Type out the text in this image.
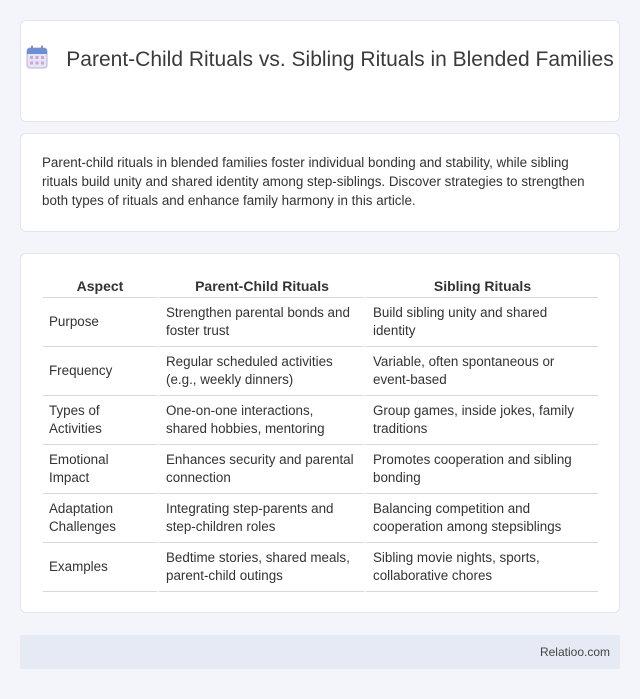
Parent-Child Rituals vs. Sibling Rituals in Blended Families

Parent-child rituals in blended families foster individual bonding and stability, while sibling rituals build unity and shared identity among step-siblings. Discover strategies to strengthen both types of rituals and enhance family harmony in this article.

Aspect	Parent-Child Rituals	Sibling Rituals
Purpose	Strengthen parental bonds and foster trust	Build sibling unity and shared identity
Frequency	Regular scheduled activities (e.g., weekly dinners)	Variable, often spontaneous or event-based
Types of Activities	One-on-one interactions, shared hobbies, mentoring	Group games, inside jokes, family traditions
Emotional Impact	Enhances security and parental connection	Promotes cooperation and sibling bonding
Adaptation Challenges	Integrating step-parents and step-children roles	Balancing competition and cooperation among stepsiblings
Examples	Bedtime stories, shared meals, parent-child outings	Sibling movie nights, sports, collaborative chores
Relatioo.com
